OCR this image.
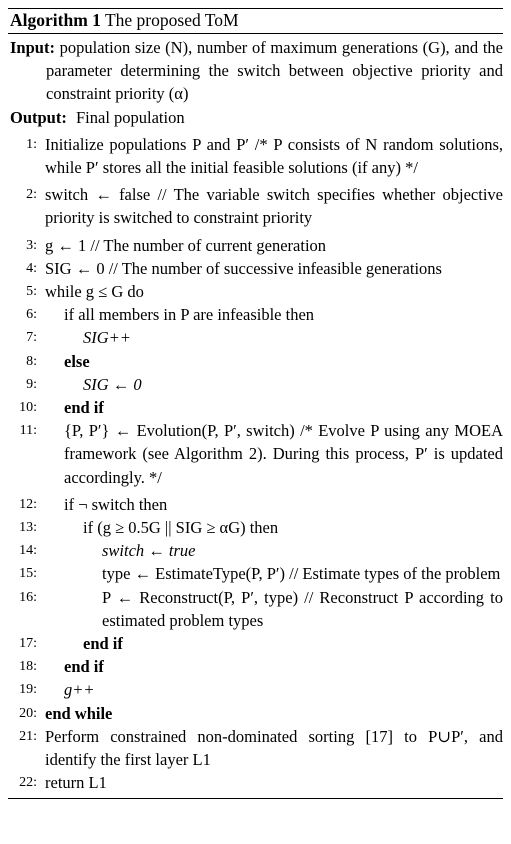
Algorithm 1 The proposed ToM
Input: population size (N), number of maximum generations (G), and the parameter determining the switch between objective priority and constraint priority (α)
Output: Final population
1: Initialize populations P and P′ /* P consists of N random solutions, while P′ stores all the initial feasible solutions (if any) */
2: switch ← false // The variable switch specifies whether objective priority is switched to constraint priority
3: g ← 1 // The number of current generation
4: SIG ← 0 // The number of successive infeasible generations
5: while g ≤ G do
6: if all members in P are infeasible then
7:	SIG++
8: else
9:	SIG ← 0
10: end if
11: {P, P′} ← Evolution(P, P′, switch) /* Evolve P using any MOEA framework (see Algorithm 2). During this process, P′ is updated accordingly. */
12: if ¬ switch then
13:	if (g ≥ 0.5G || SIG ≥ αG) then
14:	switch ← true
15:	type ← EstimateType(P, P′) // Estimate types of the problem
16:	P ← Reconstruct(P, P′, type) // Reconstruct P according to estimated problem types
17:	end if
18: end if
19: g++
20: end while
21: Perform constrained non-dominated sorting [17] to P∪P′, and identify the first layer L1
22: return L1
